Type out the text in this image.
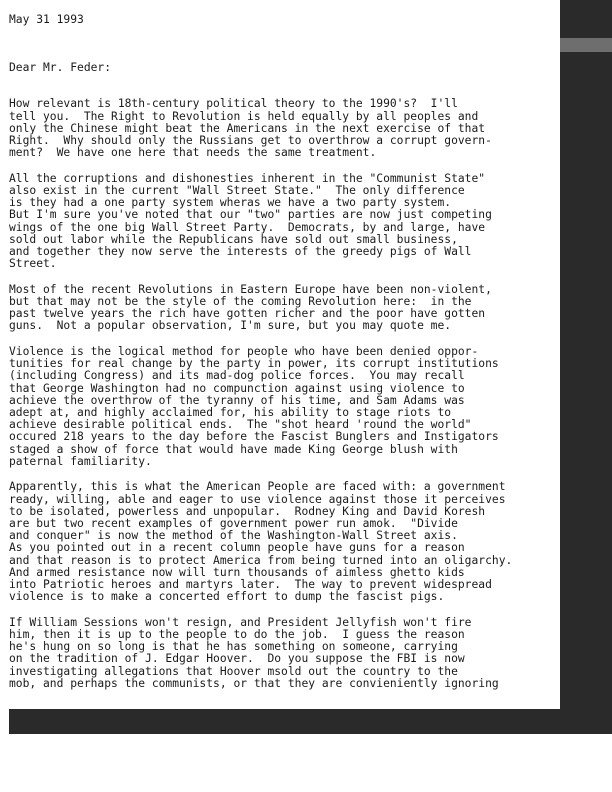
May 31 1993
Dear Mr. Feder:
How relevant is 18th-century political theory to the 1990's?  I'll
tell you.  The Right to Revolution is held equally by all peoples and
only the Chinese might beat the Americans in the next exercise of that
Right.  Why should only the Russians get to overthrow a corrupt govern-
ment?  We have one here that needs the same treatment.
All the corruptions and dishonesties inherent in the "Communist State"
also exist in the current "Wall Street State."  The only difference
is they had a one party system wheras we have a two party system.
But I'm sure you've noted that our "two" parties are now just competing
wings of the one big Wall Street Party.  Democrats, by and large, have
sold out labor while the Republicans have sold out small business,
and together they now serve the interests of the greedy pigs of Wall
Street.
Most of the recent Revolutions in Eastern Europe have been non-violent,
but that may not be the style of the coming Revolution here:  in the
past twelve years the rich have gotten richer and the poor have gotten
guns.  Not a popular observation, I'm sure, but you may quote me.
Violence is the logical method for people who have been denied oppor-
tunities for real change by the party in power, its corrupt institutions
(including Congress) and its mad-dog police forces.  You may recall
that George Washington had no compunction against using violence to
achieve the overthrow of the tyranny of his time, and Sam Adams was
adept at, and highly acclaimed for, his ability to stage riots to
achieve desirable political ends.  The "shot heard 'round the world"
occured 218 years to the day before the Fascist Bunglers and Instigators
staged a show of force that would have made King George blush with
paternal familiarity.
Apparently, this is what the American People are faced with: a government
ready, willing, able and eager to use violence against those it perceives
to be isolated, powerless and unpopular.  Rodney King and David Koresh
are but two recent examples of government power run amok.  "Divide
and conquer" is now the method of the Washington-Wall Street axis.
As you pointed out in a recent column people have guns for a reason
and that reason is to protect America from being turned into an oligarchy.
And armed resistance now will turn thousands of aimless ghetto kids
into Patriotic heroes and martyrs later.  The way to prevent widespread
violence is to make a concerted effort to dump the fascist pigs.
If William Sessions won't resign, and President Jellyfish won't fire
him, then it is up to the people to do the job.  I guess the reason
he's hung on so long is that he has something on someone, carrying
on the tradition of J. Edgar Hoover.  Do you suppose the FBI is now
investigating allegations that Hoover msold out the country to the
mob, and perhaps the communists, or that they are convieniently ignoring
